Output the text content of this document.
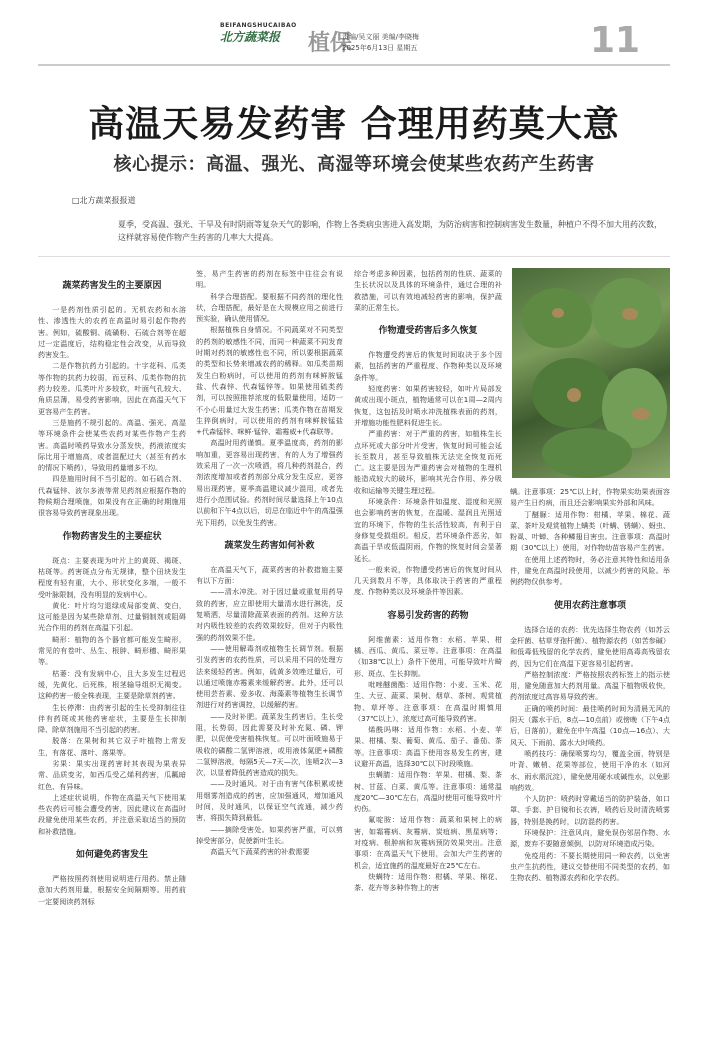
BEIFANGSHUCAIBAO
北方蔬菜报 植保
责编/吴文丽 美编/李晓梅
2025年6月13日 星期五	11
高温天易发药害 合理用药莫大意
核心提示：高温、强光、高湿等环境会使某些农药产生药害
□北方蔬菜报报道
夏季，受高温、强光、干旱及有时阴雨等复杂天气的影响，作物上各类病虫害进入高发期，为防治病害和控制病害发生数量，种植户不得不加大用药次数，这样就容易使作物产生药害的几率大大提高。
蔬菜药害发生的主要原因

一是药剂性质引起的。无机农药和水溶性、渗透性大的农药在高温时易引起作物药害。例如，硫酸铜、硫磺粉、石硫合剂等在超过一定温度后，结构稳定性会改变，从而导致药害发生。

二是作物抗药力引起的。十字花科、瓜类等作物的抗药力较弱，而豆科、瓜类作物的抗药力较差。瓜类叶片多较软，叶面气孔较大、角质层薄，易受药害影响，因此在高温天气下更容易产生药害。

三是施药不规引起的。高温、强光、高湿等环境条件会使某些农药对某些作物产生药害。高温时喷药导致水分蒸发快，药液浓度实际比用于增施高，或者混配过大（甚至有药水的情况下喷药），导致用药量增多不均。

四是施用时间不当引起的。如石硫合剂、代森锰锌、波尔多液等常见药剂应根据作物的物候期合理喷施，如果没有在正确的时期施用很容易导致药害现象出现。

作物药害发生的主要症状

斑点：主要表现为叶片上的黄斑、褐斑、枯斑等。药害斑点分布无规律，整个田块发生程度有轻有重，大小、形状变化多端，一般不受叶脉限制，没有明显的发病中心。

黄化：叶片均匀退绿或局部变黄、变白，这可能是因为某些除草剂、过量铜制剂或阻碍光合作用的药剂在高温下引起。

畸形：植物的各个器官都可能发生畸形，常见的有卷叶、丛生、根肿、畸形穗、畸形果等。

枯萎：没有发病中心，且大多发生过程迟缓，先黄化、后死株，根茎输导组织无褐变。这种药害一般全株表现，主要是除草剂药害。

生长停滞：由药害引起的生长受抑制往往伴有药斑或其他药害症状，主要是生长抑制降、除草剂施用不当引起的药害。

脱落：在果树和其它双子叶植物上常发生，有落花、落叶、落果等。

劣果：果实出现药害时其表现为果表异常、品质变劣，如西瓜受乙烯利药害，瓜瓤暗红色、有异味。

上述症状说明，作物在高温天气下使用某些农药后可能会遭受药害，因此建议在高温时段避免使用某些农药，并注意采取适当的预防和补救措施。

如何避免药害发生

严格按照药剂使用说明进行用药。禁止随意加大药剂用量，根据安全间隔期等。用药前一定要阅读药剂标

签，易产生药害的药剂在标签中往往会有说明。

科学合理搭配。要根据不同药剂的理化性状，合理搭配，最好是在大规模应用之前进行预实验，确认使用情况。

根据植株自身情况。不同蔬菜对不同类型的药剂的敏感性不同，而同一种蔬菜不同发育时期对药剂的敏感性也不同，所以要根据蔬菜的类型和长势来增减农药的稀释。如瓜类苗期发生白粉病时，可以使用的药剂有咪鲜胺锰盐、代森锌、代森锰锌等。如果使用硫类药剂，可以按照推荐浓度的低限量使用，适防一不小心用量过大发生药害；瓜类作物在苗期发生猝倒病时，可以使用的药剂有咪鲜胺锰盐+代森锰锌、咪鲜·锰锌、霜霉威+代森联等。

高温时用药谨慎。夏季温度高，药剂的影响加重，更容易出现药害，有的人为了增强药效采用了一次一次喷洒，将几种药剂混合，药剂浓度增加或者药剂部分成分发生反应，更容易出现药害，夏季高温建议减少混用，或者先进行小范围试验。药剂时间尽量选择上午10点以前和下午4点以后，切忌在临近中午的高温强光下用药，以免发生药害。

蔬菜发生药害如何补救

在高温天气下，蔬菜药害的补救措施主要有以下方面：

——清水冲洗。对于因过量或重复用药导致的药害，应立即使用大量清水进行淋洗，反复喷洒，尽量清除蔬菜表面的药剂。这种方法对内吸性较差的农药效果较好，但对于内吸性强的药剂效果不佳。

——使用解毒剂或植物生长调节剂。根据引发药害的农药性质，可以采用不同的处理方法来缓轻药害。例如，硫黄多效唑过量后，可以通过喷施赤霉素来缓解药害。此外，还可以使用芸苔素、爱多收、海藻素等植物生长调节剂进行对药害调控，以缓解药害。

——及时补肥。蔬菜发生药害后，生长受阻，长势弱，因此需要及时补充氮、磷、钾肥，以促使受害植株恢复。可以叶面喷施易于吸收的磷酸二氢钾溶液，或用液体氮肥+磷酸二氢钾溶液，每隔5天—7天—次，连喷2次—3次，以显着降低药害造成的损失。

——及时通风。对于由有害气体积累或使用烟雾剂造成的药害，应加强通风，增加通风时间，及时通风，以保证空气流通，减少药害，将损失降到最低。

——摘除受害处。如果药害严重，可以剪掉受害部分，促使新叶生长。

高温天气下蔬菜药害的补救需要

综合考虑多种因素，包括药剂的性质、蔬菜的生长状况以及具体的环境条件，通过合理的补救措施，可以有效地减轻药害的影响，保护蔬菜的正常生长。

作物遭受药害后多久恢复

作物遭受药害后的恢复时间取决于多个因素，包括药害的严重程度、作物种类以及环境条件等。

轻度药害：如果药害较轻，如叶片局部发黄或出现小斑点，植物通常可以在1周—2周内恢复，这包括及时喷水冲洗植株表面的药剂，并增施功能性肥料促进生长。

严重药害：对于严重的药害，如植株生长点坏死或大部分叶片受害，恢复时间可能会延长至数月，甚至导致植株无法完全恢复而死亡。这主要是因为严重药害会对植物的生理机能造成较大的破坏，影响其光合作用、养分吸收和运输等关键生理过程。

环境条件：环境条件如温度、湿度和光照也会影响药害的恢复，在温暖、湿润且光照适宜的环境下，作物的生长活性较高，有利于自身修复受损组织。相反，若环境条件恶劣，如高温干旱或低温阴雨，作物的恢复时间会显著延长。

一般来说，作物遭受药害后的恢复时间从几天到数月不等，具体取决于药害的严重程度、作物种类以及环境条件等因素。

容易引发药害的药物

阿维菌素：适用作物：水稻、苹果、柑橘、西瓜、黄瓜、菜豆等。注意事项：在高温（如38℃以上）条件下使用，可能导致叶片畸形、斑点、生长抑制。

吡唑醚菌酯：适用作物：小麦、玉米、花生、大豆、蔬菜、果树、烟草、茶树、观赏植物、草坪等。注意事项：在高温时期慎用（37℃以上），浓度过高可能导致药害。

烯酰吗啉：适用作物：水稻、小麦、苹果、柑橘、梨、葡萄、黄瓜、茄子、番茄、茶等。注意事项：高温下使用容易发生药害，建议避开高温，选择30℃以下时段喷施。

虫螨腈：适用作物：苹果、柑橘、梨、茶树、甘蓝、白菜、黄瓜等。注意事项：通常温度20℃—30℃左右，高温时使用可能导致叶片灼伤。

氟啶胺：适用作物：蔬菜和果树上的病害，如霜霉病、灰霉病、炭疽病、黑星病等；对疫病、根肿病和灰霉病预防效果突出。注意事项：在高温天气下使用，会加大产生药害的机会，适宜施药的温度最好在25℃左右。

炔螨特：适用作物：柑橘、苹果、棉花、茶、花卉等多种作物上的害

螨。注意事项：25℃以上时，作物果实幼果表面容易产生日灼病，而且还会影响果实外部和风味。

丁醚脲：适用作物：柑橘、苹果、棉花、蔬菜、茶叶及观赏植物上螨类（叶螨、锈螨）、蚜虫、粉虱、叶蝉、各种鳞翅目害虫。注意事项：高温时期（30℃以上）使用，对作物幼苗容易产生药害。

在使用上述药物时，务必注意其特性和适用条件，避免在高温时段使用，以减少药害的风险。举例药物仅供参考。

使用农药注意事项

选择合适的农药：优先选择生物农药（如苏云金杆菌、枯草芽孢杆菌）、植物源农药（如苦参碱）和低毒低残留的化学农药，避免使用高毒高残留农药，因为它们在高温下更容易引起药害。

严格控制浓度：严格按照农药标签上的指示使用，避免随意加大药剂用量。高温下植物吸收快，药剂浓度过高容易导致药害。

正确的喷药时间：最佳喷药时间为清晨无风的阴天（露水干后，8点—10点前）或傍晚（下午4点后，日落前），避免在中午高温（10点—16点）、大风天、下雨前、露水大时喷药。

喷药技巧：确保喷雾均匀，覆盖全面，特别是叶背、嫩梢、花果等部位，使用干净的水（如河水、雨水需沉淀），避免使用硬水或碱性水，以免影响药效。

个人防护：喷药时穿戴适当的防护装备，如口罩、手套、护目镜和长衣裤，喷药后及时清洗喷雾器，特别是换药时，以防混药药害。

环境保护：注意风向，避免误伤邻居作物、水源，废弃不要随意倾倒，以防对环境造成污染。

免疫用药：不要长期使用同一种农药，以免害虫产生抗药性，建议交替使用不同类型的农药，如生物农药、植物源农药和化学农药。
